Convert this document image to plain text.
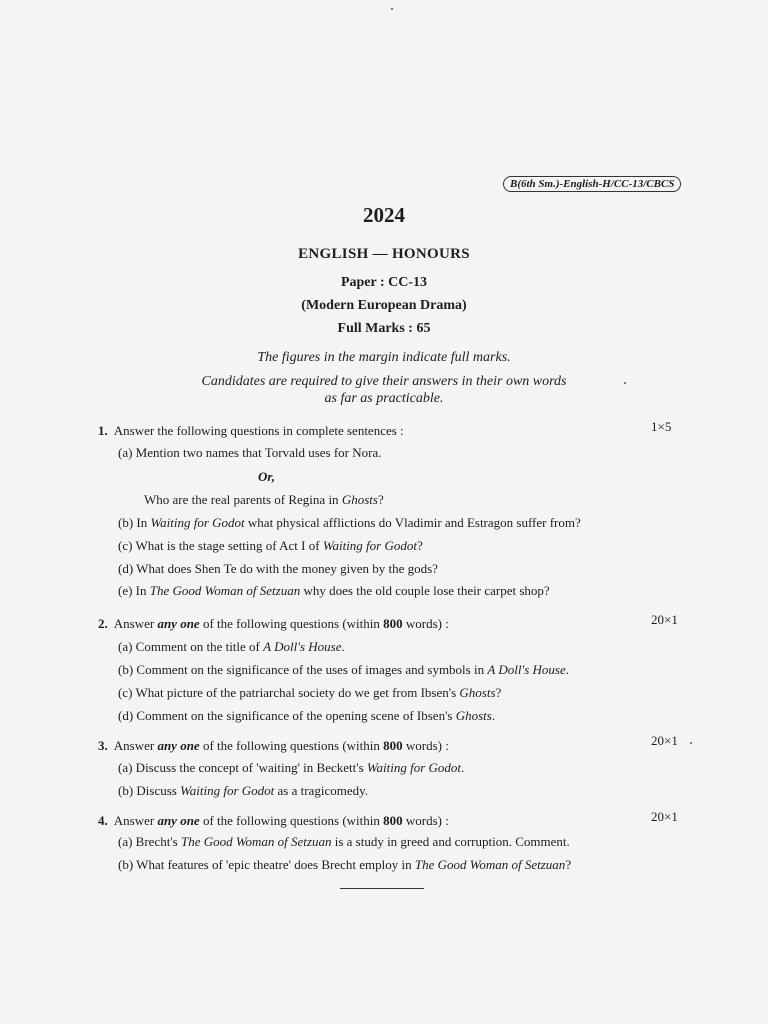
B(6th Sm.)-English-H/CC-13/CBCS
2024
ENGLISH — HONOURS
Paper : CC-13
(Modern European Drama)
Full Marks : 65
The figures in the margin indicate full marks.
Candidates are required to give their answers in their own words
as far as practicable.
1. Answer the following questions in complete sentences :	1×5
(a) Mention two names that Torvald uses for Nora.
Or,
Who are the real parents of Regina in Ghosts?
(b) In Waiting for Godot what physical afflictions do Vladimir and Estragon suffer from?
(c) What is the stage setting of Act I of Waiting for Godot?
(d) What does Shen Te do with the money given by the gods?
(e) In The Good Woman of Setzuan why does the old couple lose their carpet shop?
2. Answer any one of the following questions (within 800 words) :	20×1
(a) Comment on the title of A Doll's House.
(b) Comment on the significance of the uses of images and symbols in A Doll's House.
(c) What picture of the patriarchal society do we get from Ibsen's Ghosts?
(d) Comment on the significance of the opening scene of Ibsen's Ghosts.
3. Answer any one of the following questions (within 800 words) :	20×1
(a) Discuss the concept of 'waiting' in Beckett's Waiting for Godot.
(b) Discuss Waiting for Godot as a tragicomedy.
4. Answer any one of the following questions (within 800 words) :	20×1
(a) Brecht's The Good Woman of Setzuan is a study in greed and corruption. Comment.
(b) What features of 'epic theatre' does Brecht employ in The Good Woman of Setzuan?
